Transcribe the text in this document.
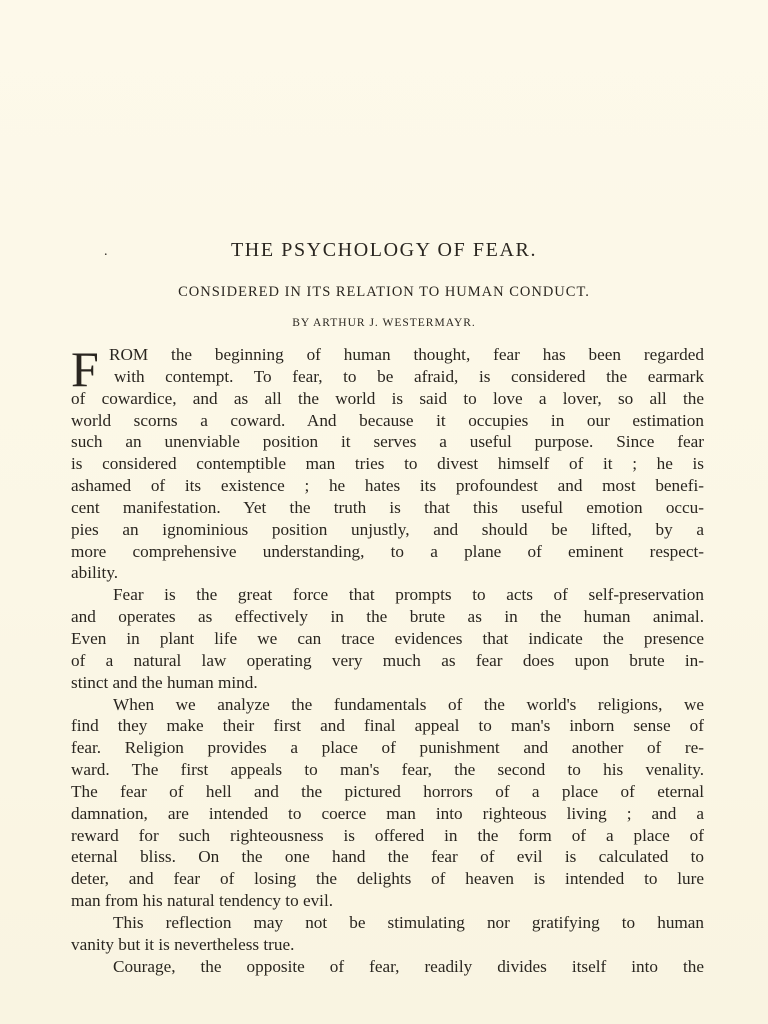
.	THE PSYCHOLOGY OF FEAR.
CONSIDERED IN ITS RELATION TO HUMAN CONDUCT.
BY ARTHUR J. WESTERMAYR.
F ROM the beginning of human thought, fear has been regarded
with contempt. To fear, to be afraid, is considered the earmark
of cowardice, and as all the world is said to love a lover, so all the
world scorns a coward. And because it occupies in our estimation
such an unenviable position it serves a useful purpose. Since fear
is considered contemptible man tries to divest himself of it ; he is
ashamed of its existence ; he hates its profoundest and most benefi-
cent manifestation. Yet the truth is that this useful emotion occu-
pies an ignominious position unjustly, and should be lifted, by a
more comprehensive understanding, to a plane of eminent respect-
ability.
Fear is the great force that prompts to acts of self-preservation
and operates as effectively in the brute as in the human animal.
Even in plant life we can trace evidences that indicate the presence
of a natural law operating very much as fear does upon brute in-
stinct and the human mind.
When we analyze the fundamentals of the world's religions, we
find they make their first and final appeal to man's inborn sense of
fear. Religion provides a place of punishment and another of re-
ward. The first appeals to man's fear, the second to his venality.
The fear of hell and the pictured horrors of a place of eternal
damnation, are intended to coerce man into righteous living ; and a
reward for such righteousness is offered in the form of a place of
eternal bliss. On the one hand the fear of evil is calculated to
deter, and fear of losing the delights of heaven is intended to lure
man from his natural tendency to evil.
This reflection may not be stimulating nor gratifying to human
vanity but it is nevertheless true.
Courage, the opposite of fear, readily divides itself into the
